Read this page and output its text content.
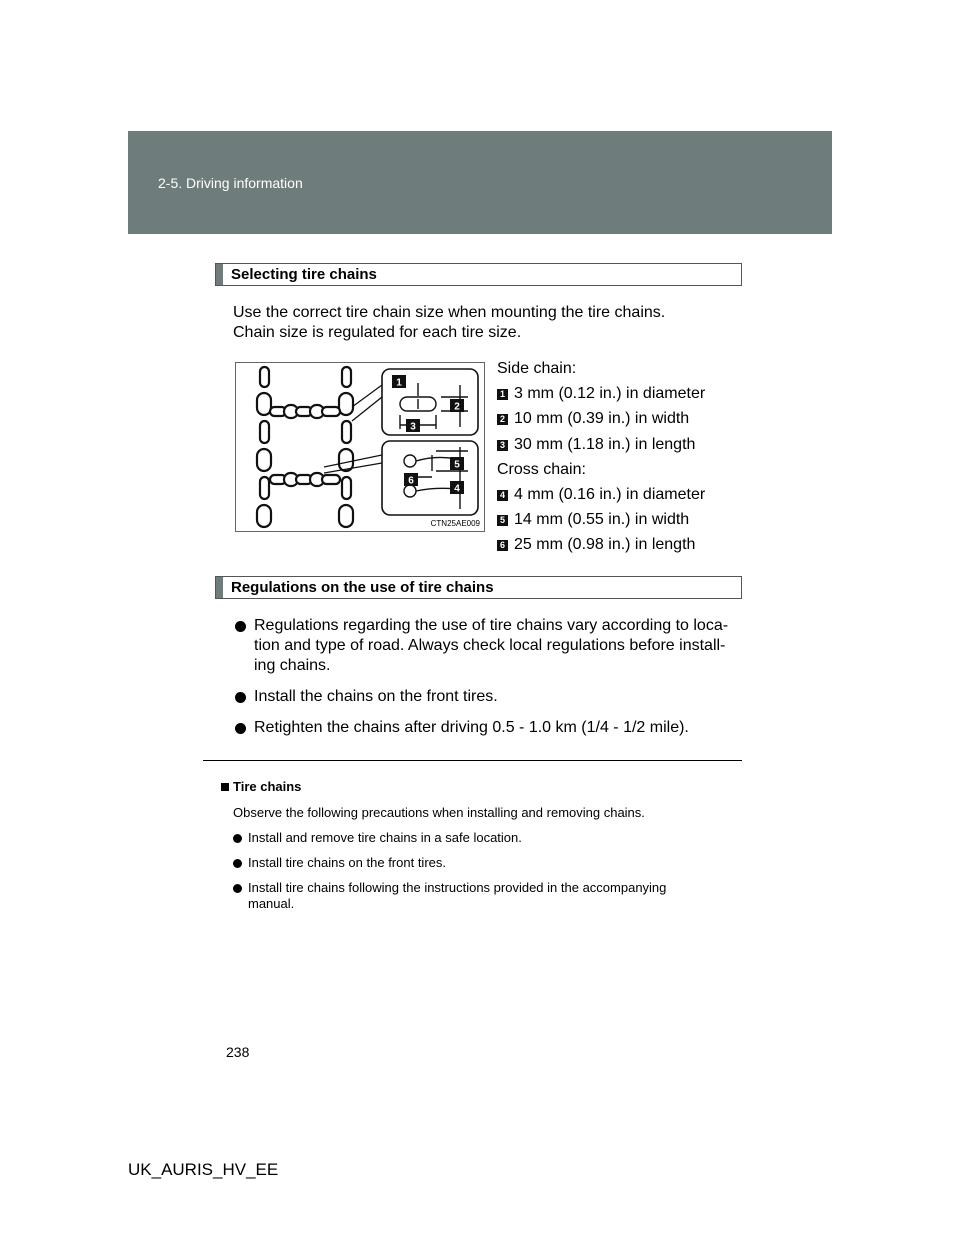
2-5. Driving information
Selecting tire chains
Use the correct tire chain size when mounting the tire chains.
Chain size is regulated for each tire size.
1
2
3
4
5
6
CTN25AE009
Side chain:
1 3 mm (0.12 in.) in diameter
2 10 mm (0.39 in.) in width
3 30 mm (1.18 in.) in length
Cross chain:
4 4 mm (0.16 in.) in diameter
5 14 mm (0.55 in.) in width
6 25 mm (0.98 in.) in length
Regulations on the use of tire chains
Regulations regarding the use of tire chains vary according to loca-
tion and type of road. Always check local regulations before install-
ing chains.
Install the chains on the front tires.
Retighten the chains after driving 0.5 - 1.0 km (1/4 - 1/2 mile).
Tire chains
Observe the following precautions when installing and removing chains.
Install and remove tire chains in a safe location.
Install tire chains on the front tires.
Install tire chains following the instructions provided in the accompanying
manual.
238
UK_AURIS_HV_EE
